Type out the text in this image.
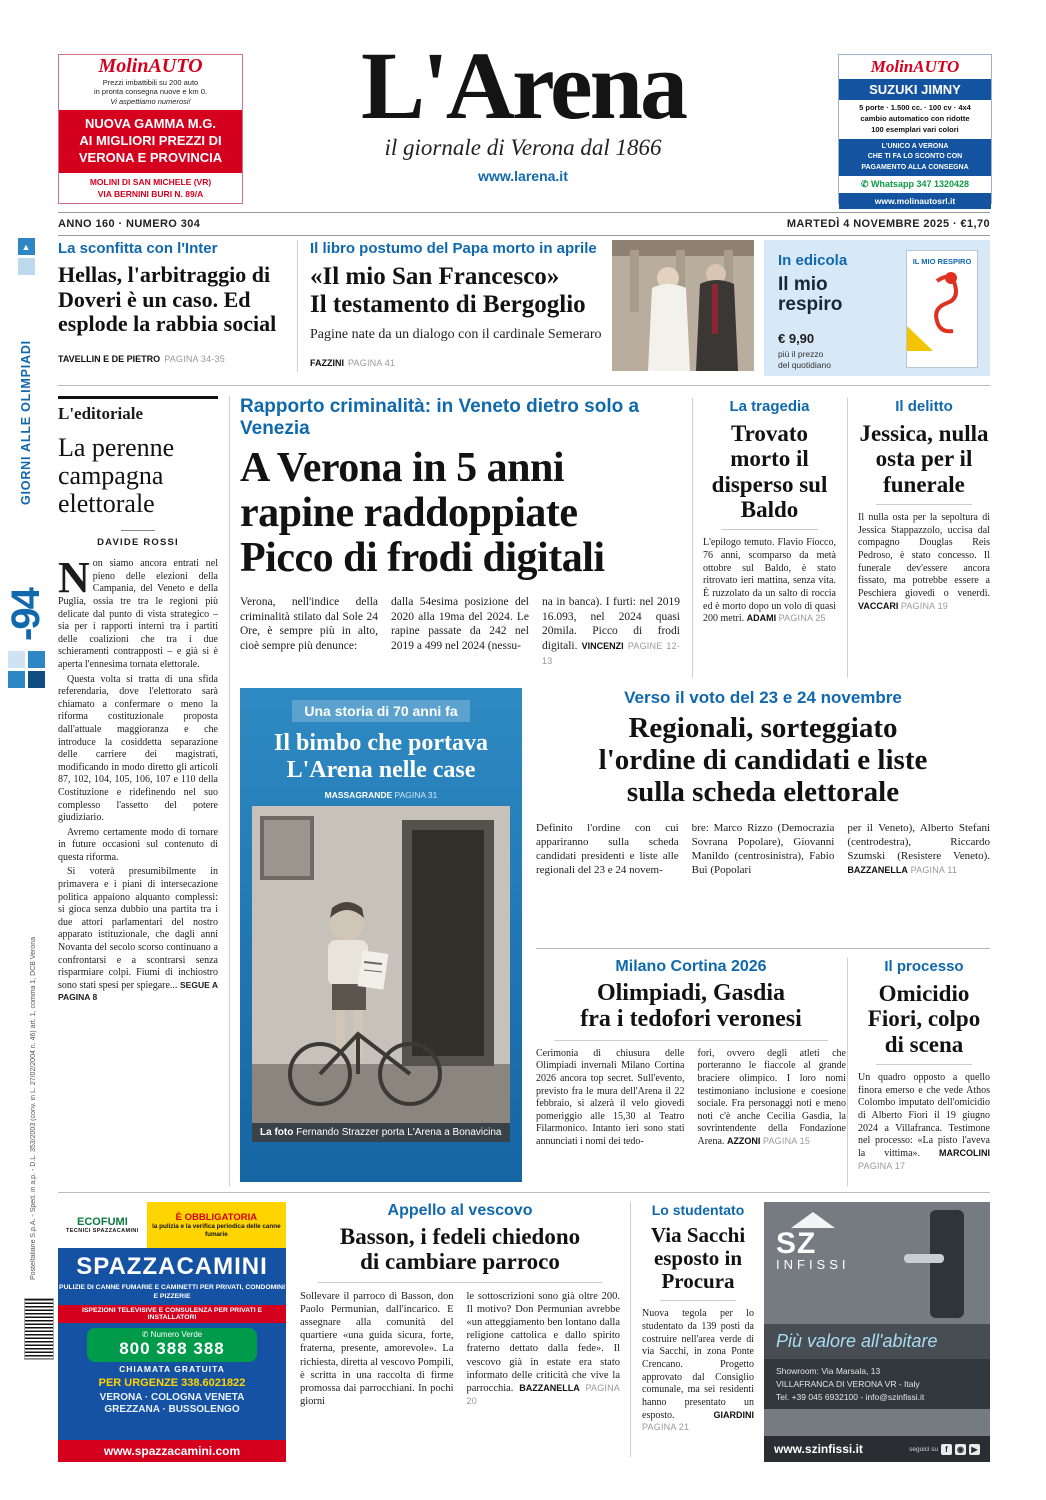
MolinAUTO
Prezzi imbattibili su 200 auto
in pronta consegna nuove e km 0.
Vi aspettiamo numerosi!
NUOVA GAMMA M.G.
AI MIGLIORI PREZZI DI
VERONA E PROVINCIA
MOLINI DI SAN MICHELE (VR)
VIA BERNINI BURI N. 89/A
L'Arena
il giornale di Verona dal 1866
www.larena.it
MolinAUTO
SUZUKI JIMNY
5 porte · 1.500 cc. · 100 cv · 4x4
cambio automatico con ridotte
100 esemplari vari colori
L'UNICO A VERONA
CHE TI FA LO SCONTO CON
PAGAMENTO ALLA CONSEGNA
✆ Whatsapp 347 1320428
www.molinautosrl.it
ANNO 160 · NUMERO 304	MARTEDÌ 4 NOVEMBRE 2025 · €1,70
▲
GIORNI ALLE OLIMPIADI
-94
PosteItaliane S.p.A. - Sped. in a.p. - D.L. 353/2003 (conv. in L. 27/02/2004 n. 46) art. 1, comma 1, DCB Verona
La sconfitta con l'Inter
Hellas, l'arbitraggio di Doveri è un caso. Ed esplode la rabbia social
TAVELLIN E DE PIETRO PAGINA 34-35
Il libro postumo del Papa morto in aprile
«Il mio San Francesco»
Il testamento di Bergoglio
Pagine nate da un dialogo con il cardinale Semeraro
FAZZINI PAGINA 41
In edicola
Il mio
respiro
€ 9,90
più il prezzo
del quotidiano
IL MIO RESPIRO
L'editoriale
La perenne campagna elettorale
DAVIDE ROSSI

Non siamo ancora entrati nel pieno delle elezioni della Campania, del Veneto e della Puglia, ossia tre tra le regioni più delicate dal punto di vista strategico – sia per i rapporti interni tra i partiti delle coalizioni che tra i due schieramenti contrapposti – e già si è aperta l'ennesima tornata elettorale.

Questa volta si tratta di una sfida referendaria, dove l'elettorato sarà chiamato a confermare o meno la riforma costituzionale proposta dall'attuale maggioranza e che introduce la cosiddetta separazione delle carriere dei magistrati, modificando in modo diretto gli articoli 87, 102, 104, 105, 106, 107 e 110 della Costituzione e ridefinendo nel suo complesso l'assetto del potere giudiziario.

Avremo certamente modo di tornare in future occasioni sul contenuto di questa riforma.

Si voterà presumibilmente in primavera e i piani di intersecazione politica appaiono alquanto complessi: si gioca senza dubbio una partita tra i due attori parlamentari del nostro apparato istituzionale, che dagli anni Novanta del secolo scorso continuano a confrontarsi e a scontrarsi senza risparmiare colpi. Fiumi di inchiostro sono stati spesi per spiegare... SEGUE A PAGINA 8

Rapporto criminalità: in Veneto dietro solo a Venezia
A Verona in 5 anni
rapine raddoppiate
Picco di frodi digitali
Verona, nell'indice della criminalità stilato dal Sole 24 Ore, è sempre più in alto, cioè sempre più denunce:
dalla 54esima posizione del 2020 alla 19ma del 2024. Le rapine passate da 242 nel 2019 a 499 nel 2024 (nessu-
na in banca). I furti: nel 2019 16.093, nel 2024 quasi 20mila. Picco di frodi digitali. VINCENZI PAGINE 12-13
La tragedia
Trovato morto il disperso sul Baldo
L'epilogo temuto. Flavio Fiocco, 76 anni, scomparso da metà ottobre sul Baldo, è stato ritrovato ieri mattina, senza vita. È ruzzolato da un salto di roccia ed è morto dopo un volo di quasi 200 metri. ADAMI PAGINA 25
Il delitto
Jessica, nulla osta per il funerale
Il nulla osta per la sepoltura di Jessica Stappazzolo, uccisa dal compagno Douglas Reis Pedroso, è stato concesso. Il funerale dev'essere ancora fissato, ma potrebbe essere a Peschiera giovedì o venerdì. VACCARI PAGINA 19
Una storia di 70 anni fa
Il bimbo che portava
L'Arena nelle case
MASSAGRANDE PAGINA 31
La foto Fernando Strazzer porta L'Arena a Bonavicina
Verso il voto del 23 e 24 novembre
Regionali, sorteggiato
l'ordine di candidati e liste
sulla scheda elettorale
Definito l'ordine con cui appariranno sulla scheda candidati presidenti e liste alle regionali del 23 e 24 novem-
bre: Marco Rizzo (Democrazia Sovrana Popolare), Giovanni Manildo (centrosinistra), Fabio Bui (Popolari
per il Veneto), Alberto Stefani (centrodestra), Riccardo Szumski (Resistere Veneto). BAZZANELLA PAGINA 11
Milano Cortina 2026
Olimpiadi, Gasdia
fra i tedofori veronesi
Cerimonia di chiusura delle Olimpiadi invernali Milano Cortina 2026 ancora top secret. Sull'evento, previsto fra le mura dell'Arena il 22 febbraio, si alzerà il velo giovedì pomeriggio alle 15,30 al Teatro Filarmonico. Intanto ieri sono stati annunciati i nomi dei tedo-
fori, ovvero degli atleti che porteranno le fiaccole al grande braciere olimpico. I loro nomi testimoniano inclusione e coesione sociale. Fra personaggi noti e meno noti c'è anche Cecilia Gasdia, la sovrintendente della Fondazione Arena. AZZONI PAGINA 15
Il processo
Omicidio Fiori, colpo di scena
Un quadro opposto a quello finora emerso e che vede Athos Colombo imputato dell'omicidio di Alberto Fiori il 19 giugno 2024 a Villafranca. Testimone nel processo: «La pisto l'aveva la vittima». MARCOLINI PAGINA 17
ECOFUMI
TECNICI SPAZZACAMINI
È OBBLIGATORIA
la pulizia e la verifica periodica delle canne fumarie
SPAZZACAMINI
PULIZIE DI CANNE FUMARIE E CAMINETTI PER PRIVATI, CONDOMINI E PIZZERIE
ISPEZIONI TELEVISIVE E CONSULENZA PER PRIVATI E INSTALLATORI
✆ Numero Verde
800 388 388
CHIAMATA GRATUITA
PER URGENZE 338.6021822
VERONA · COLOGNA VENETA
GREZZANA · BUSSOLENGO
www.spazzacamini.com
Appello al vescovo
Basson, i fedeli chiedono
di cambiare parroco
Sollevare il parroco di Basson, don Paolo Permunian, dall'incarico. E assegnare alla comunità del quartiere «una guida sicura, forte, fraterna, presente, amorevole». La richiesta, diretta al vescovo Pompili, è scritta in una raccolta di firme promossa dai parrocchiani. In pochi giorni
le sottoscrizioni sono già oltre 200. Il motivo? Don Permunian avrebbe «un atteggiamento ben lontano dalla religione cattolica e dallo spirito fraterno dettato dalla fede». Il vescovo già in estate era stato informato delle criticità che vive la parrocchia. BAZZANELLA PAGINA 20
Lo studentato
Via Sacchi esposto in Procura
Nuova tegola per lo studentato da 139 posti da costruire nell'area verde di via Sacchi, in zona Ponte Crencano. Progetto approvato dal Consiglio comunale, ma sei residenti hanno presentato un esposto.	GIARDINI PAGINA 21
SZ
INFISSI
Più valore all'abitare
Showroom: Via Marsala, 13
VILLAFRANCA DI VERONA VR - Italy
Tel. +39 045 6932100 - info@szinfissi.it
www.szinfissi.it	seguici su f	◉ ▶
